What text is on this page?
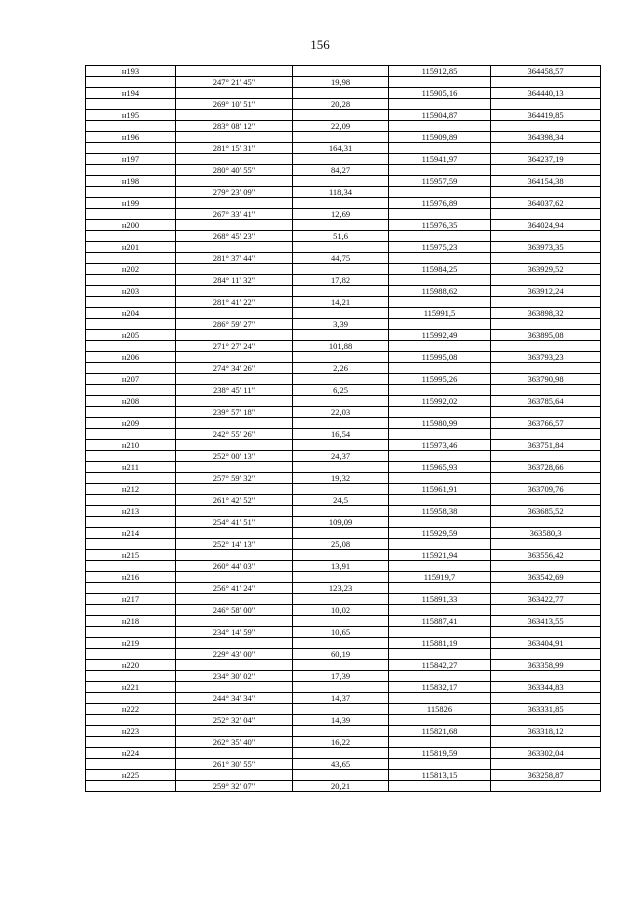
156
н193			115912,85	364458,57
	247° 21' 45"	19,98		
н194			115905,16	364440,13
	269° 10' 51"	20,28		
н195			115904,87	364419,85
	283° 08' 12"	22,09		
н196			115909,89	364398,34
	281° 15' 31"	164,31		
н197			115941,97	364237,19
	280° 40' 55"	84,27		
н198			115957,59	364154,38
	279° 23' 09"	118,34		
н199			115976,89	364037,62
	267° 33' 41"	12,69		
н200			115976,35	364024,94
	268° 45' 23"	51,6		
н201			115975,23	363973,35
	281° 37' 44"	44,75		
н202			115984,25	363929,52
	284° 11' 32"	17,82		
н203			115988,62	363912,24
	281° 41' 22"	14,21		
н204			115991,5	363898,32
	286° 59' 27"	3,39		
н205			115992,49	363895,08
	271° 27' 24"	101,88		
н206			115995,08	363793,23
	274° 34' 26"	2,26		
н207			115995,26	363790,98
	238° 45' 11"	6,25		
н208			115992,02	363785,64
	239° 57' 18"	22,03		
н209			115980,99	363766,57
	242° 55' 26"	16,54		
н210			115973,46	363751,84
	252° 00' 13"	24,37		
н211			115965,93	363728,66
	257° 59' 32"	19,32		
н212			115961,91	363709,76
	261° 42' 52"	24,5		
н213			115958,38	363685,52
	254° 41' 51"	109,09		
н214			115929,59	363580,3
	252° 14' 13"	25,08		
н215			115921,94	363556,42
	260° 44' 03"	13,91		
н216			115919,7	363542,69
	256° 41' 24"	123,23		
н217			115891,33	363422,77
	246° 58' 00"	10,02		
н218			115887,41	363413,55
	234° 14' 59"	10,65		
н219			115881,19	363404,91
	229° 43' 00"	60,19		
н220			115842,27	363358,99
	234° 30' 02"	17,39		
н221			115832,17	363344,83
	244° 34' 34"	14,37		
н222			115826	363331,85
	252° 32' 04"	14,39		
н223			115821,68	363318,12
	262° 35' 40"	16,22		
н224			115819,59	363302,04
	261° 30' 55"	43,65		
н225			115813,15	363258,87
	259° 32' 07"	20,21		
